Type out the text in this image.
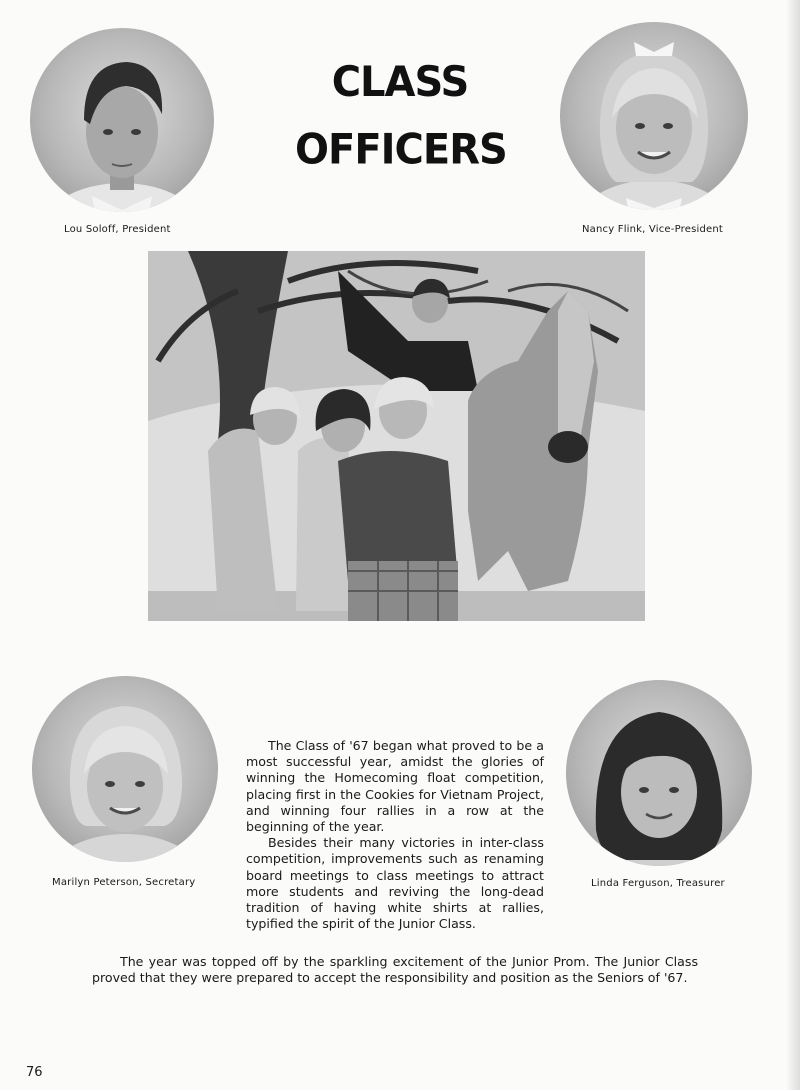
Lou Soloff, President
CLASS
OFFICERS
Nancy Flink, Vice-President
Marilyn Peterson, Secretary	Linda Ferguson, Treasurer

The Class of '67 began what proved to be a most successful year, amidst the glories of winning the Homecoming float competition, placing first in the Cookies for Vietnam Project, and winning four rallies in a row at the beginning of the year.

Besides their many victories in inter-class competition, improvements such as renaming board meetings to class meetings to attract more students and reviving the long-dead tradition of having white shirts at rallies, typified the spirit of the Junior Class.

The year was topped off by the sparkling excitement of the Junior Prom. The Junior Class proved that they were prepared to accept the responsibility and position as the Seniors of '67.

76
